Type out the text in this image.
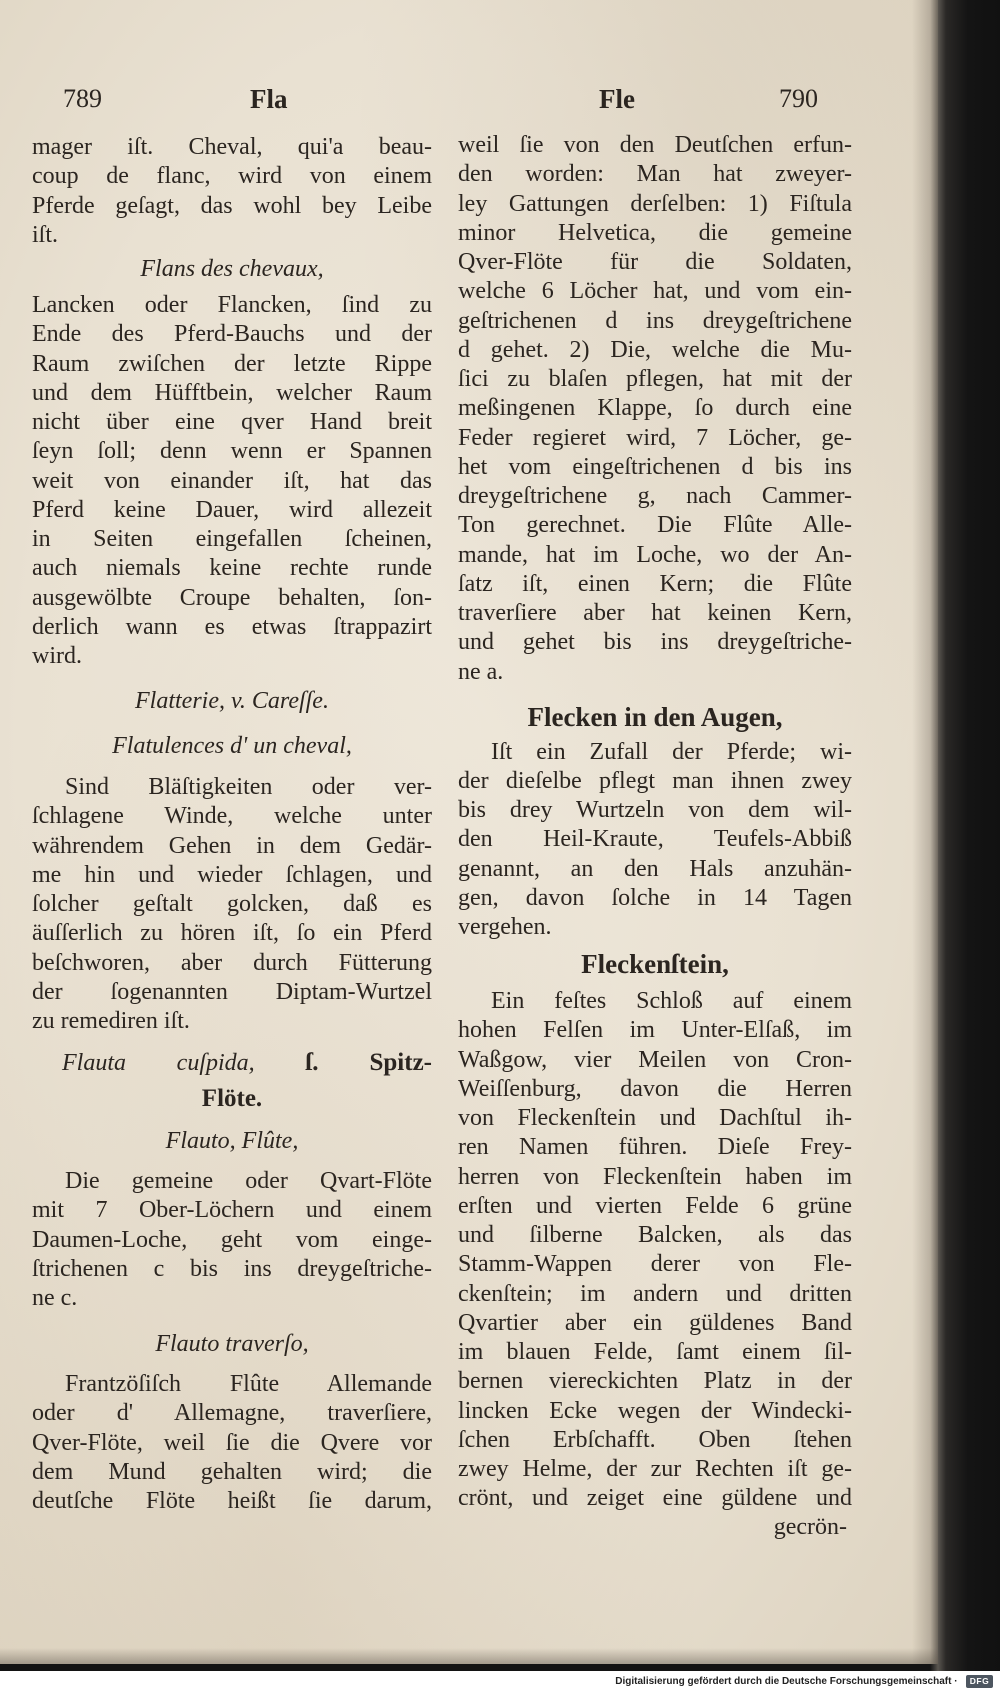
789	Fla	Fle	790
mager iſt. Cheval, qui'a beau-
coup de flanc, wird von einem
Pferde geſagt, das wohl bey Leibe
iſt.
Flans des chevaux,
Lancken oder Flancken, ſind zu
Ende des Pferd-Bauchs und der
Raum zwiſchen der letzte Rippe
und dem Hüfftbein, welcher Raum
nicht über eine qver Hand breit
ſeyn ſoll; denn wenn er Spannen
weit von einander iſt, hat das
Pferd keine Dauer, wird allezeit
in Seiten eingefallen ſcheinen,
auch niemals keine rechte runde
ausgewölbte Croupe behalten, ſon-
derlich wann es etwas ſtrappazirt
wird.
Flatterie, v. Careſſe.
Flatulences d' un cheval,
Sind Bläſtigkeiten oder ver-
ſchlagene Winde, welche unter
währendem Gehen in dem Gedär-
me hin und wieder ſchlagen, und
ſolcher geſtalt golcken, daß es
äuſſerlich zu hören iſt, ſo ein Pferd
beſchworen, aber durch Fütterung
der ſogenannten Diptam-Wurtzel
zu remediren iſt.
Flauta cuſpida, ſ. Spitz-
Flöte.
Flauto, Flûte,
Die gemeine oder Qvart-Flöte
mit 7 Ober-Löchern und einem
Daumen-Loche, geht vom einge-
ſtrichenen c bis ins dreygeſtriche-
ne c.
Flauto traverſo,
Frantzöſiſch Flûte Allemande
oder d' Allemagne, traverſiere,
Qver-Flöte, weil ſie die Qvere vor
dem Mund gehalten wird; die
deutſche Flöte heißt ſie darum,
weil ſie von den Deutſchen erfun-
den worden: Man hat zweyer-
ley Gattungen derſelben: 1) Fiſtula
minor Helvetica, die gemeine
Qver-Flöte für die Soldaten,
welche 6 Löcher hat, und vom ein-
geſtrichenen d ins dreygeſtrichene
d gehet. 2) Die, welche die Mu-
ſici zu blaſen pflegen, hat mit der
meßingenen Klappe, ſo durch eine
Feder regieret wird, 7 Löcher, ge-
het vom eingeſtrichenen d bis ins
dreygeſtrichene g, nach Cammer-
Ton gerechnet. Die Flûte Alle-
mande, hat im Loche, wo der An-
ſatz iſt, einen Kern; die Flûte
traverſiere aber hat keinen Kern,
und gehet bis ins dreygeſtriche-
ne a.
Flecken in den Augen,
Iſt ein Zufall der Pferde; wi-
der dieſelbe pflegt man ihnen zwey
bis drey Wurtzeln von dem wil-
den Heil-Kraute, Teufels-Abbiß
genannt, an den Hals anzuhän-
gen, davon ſolche in 14 Tagen
vergehen.
Fleckenſtein,
Ein feſtes Schloß auf einem
hohen Felſen im Unter-Elſaß, im
Waßgow, vier Meilen von Cron-
Weiſſenburg, davon die Herren
von Fleckenſtein und Dachſtul ih-
ren Namen führen. Dieſe Frey-
herren von Fleckenſtein haben im
erſten und vierten Felde 6 grüne
und ſilberne Balcken, als das
Stamm-Wappen derer von Fle-
ckenſtein; im andern und dritten
Qvartier aber ein güldenes Band
im blauen Felde, ſamt einem ſil-
bernen viereckichten Platz in der
lincken Ecke wegen der Windecki-
ſchen Erbſchafft. Oben ſtehen
zwey Helme, der zur Rechten iſt ge-
crönt, und zeiget eine güldene und
gecrön-
Digitalisierung gefördert durch die Deutsche Forschungsgemeinschaft · DFG
